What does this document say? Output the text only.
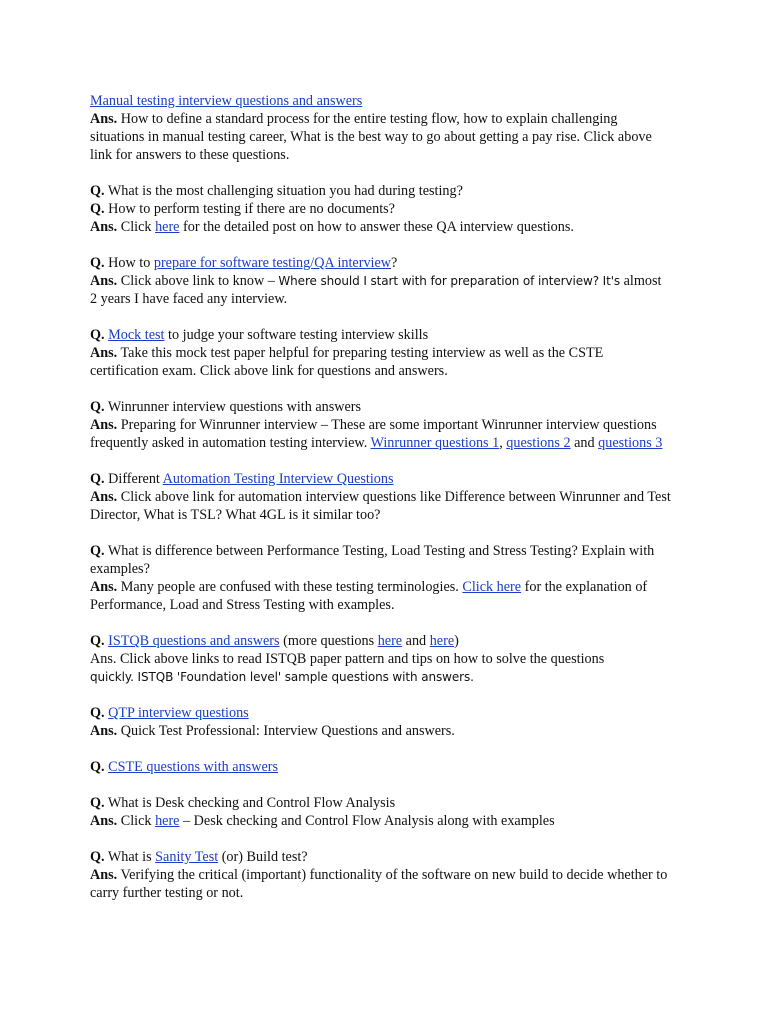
Manual testing interview questions and answers
Ans. How to define a standard process for the entire testing flow, how to explain challenging situations in manual testing career, What is the best way to go about getting a pay rise. Click above link for answers to these questions.

Q. What is the most challenging situation you had during testing?
Q. How to perform testing if there are no documents?
Ans. Click here for the detailed post on how to answer these QA interview questions.

Q. How to prepare for software testing/QA interview?
Ans. Click above link to know – Where should I start with for preparation of interview? It's almost 2 years I have faced any interview.

Q. Mock test to judge your software testing interview skills
Ans. Take this mock test paper helpful for preparing testing interview as well as the CSTE certification exam. Click above link for questions and answers.

Q. Winrunner interview questions with answers
Ans. Preparing for Winrunner interview – These are some important Winrunner interview questions frequently asked in automation testing interview. Winrunner questions 1, questions 2 and questions 3

Q. Different Automation Testing Interview Questions
Ans. Click above link for automation interview questions like Difference between Winrunner and Test Director, What is TSL? What 4GL is it similar too?

Q. What is difference between Performance Testing, Load Testing and Stress Testing? Explain with examples?
Ans. Many people are confused with these testing terminologies. Click here for the explanation of Performance, Load and Stress Testing with examples.

Q. ISTQB questions and answers (more questions here and here)
Ans. Click above links to read ISTQB paper pattern and tips on how to solve the questions
quickly. ISTQB 'Foundation level' sample questions with answers.

Q. QTP interview questions
Ans. Quick Test Professional: Interview Questions and answers.

Q. CSTE questions with answers

Q. What is Desk checking and Control Flow Analysis
Ans. Click here – Desk checking and Control Flow Analysis along with examples

Q. What is Sanity Test (or) Build test?
Ans. Verifying the critical (important) functionality of the software on new build to decide whether to carry further testing or not.
